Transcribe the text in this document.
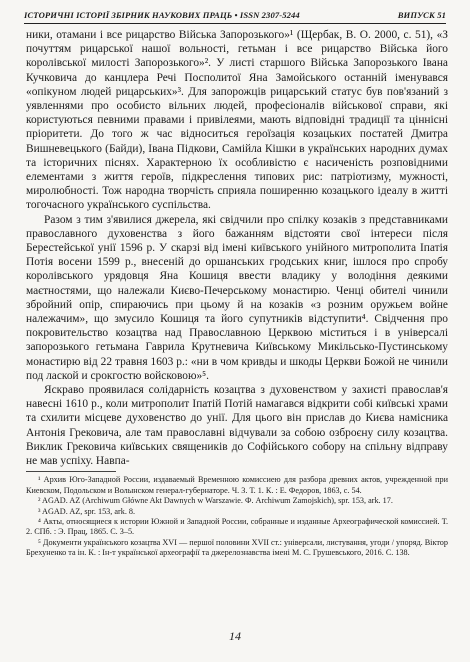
ІСТОРИЧНІ ІСТОРІЇ ЗБІРНИК НАУКОВИХ ПРАЦЬ • ISSN 2307-5244	ВИПУСК 51

ники, отамани і все рицарство Війська Запорозького»¹ (Щербак, В. О. 2000, с. 51), «З почуттям рицарської нашої вольності, гетьман і все рицарство Війська його королівської милості Запорозького»². У листі старшого Війська Запорозького Івана Кучковича до канцлера Речі Посполитої Яна Замойського останній іменувався «опікуном людей рицарських»³. Для запорожців рицарський статус був пов'язаний з уявленнями про особисто вільних людей, професіоналів військової справи, які користуються певними правами і привілеями, мають відповідні традиції та ціннісні пріоритети. До того ж час відноситься героїзація козацьких постатей Дмитра Вишневецького (Байди), Івана Підкови, Самійла Кішки в українських народних думах та історичних піснях. Характерною їх особливістю є насиченість розповідними елементами з життя героїв, підкреслення типових рис: патріотизму, мужності, миролюбності. Тож народна творчість сприяла поширенню козацького ідеалу в житті тогочасного українського суспільства.

Разом з тим з'явилися джерела, які свідчили про спілку козаків з представниками православного духовенства з його бажанням відстояти свої інтереси після Берестейської унії 1596 р. У скарзі від імені київського унійного митрополита Іпатія Потія восени 1599 р., внесеній до оршанських гродських книг, ішлося про спробу королівського урядовця Яна Кошиця ввести владику у володіння деякими маєтностями, що належали Києво-Печерському монастирю. Ченці обителі чинили збройний опір, спираючись при цьому й на козаків «з розним оружьем войне належачим», що змусило Кошиця та його супутників відступити⁴. Свідчення про покровительство козацтва над Православною Церквою міститься і в універсалі запорозького гетьмана Гаврила Крутневича Київському Микільсько-Пустинському монастирю від 22 травня 1603 р.: «ни в чом кривды и шкоды Церкви Божой не чинили под лаской и срокгостю войсковою»⁵.

Яскраво проявилася солідарність козацтва з духовенством у захисті православ'я навесні 1610 р., коли митрополит Іпатій Потій намагався відкрити собі київські храми та схилити місцеве духовенство до унії. Для цього він прислав до Києва намісника Антонія Грековича, але там православні відчували за собою озброєну силу козацтва. Виклик Грековича київських священиків до Софійського собору на спільну відправу не мав успіху. Навпа-

¹ Архив Юго-Западной России, издаваемый Временною комиссиею для разбора древних актов, учрежденной при Киевском, Подольском и Волынском генерал-губернаторе. Ч. 3. Т. 1. К. : Е. Федоров, 1863, с. 54.

² AGAD. AZ (Archiwum Główne Akt Dawnych w Warszawie. Ф. Archiwum Zamojskich), spr. 153, ark. 17.

³ AGAD. AZ, spr. 153, ark. 8.

⁴ Акты, относящиеся к истории Южной и Западной России, собранные и изданные Археографической комиссией. Т. 2. СПб. : Э. Прац, 1865. С. 3–5.

⁵ Документи українського козацтва XVI — першої половини XVII ст.: універсали, листування, угоди / упоряд. Віктор Брехуненко та ін. К. : Ін-т української археографії та джерелознавства імені М. С. Грушевського, 2016. С. 138.

14
